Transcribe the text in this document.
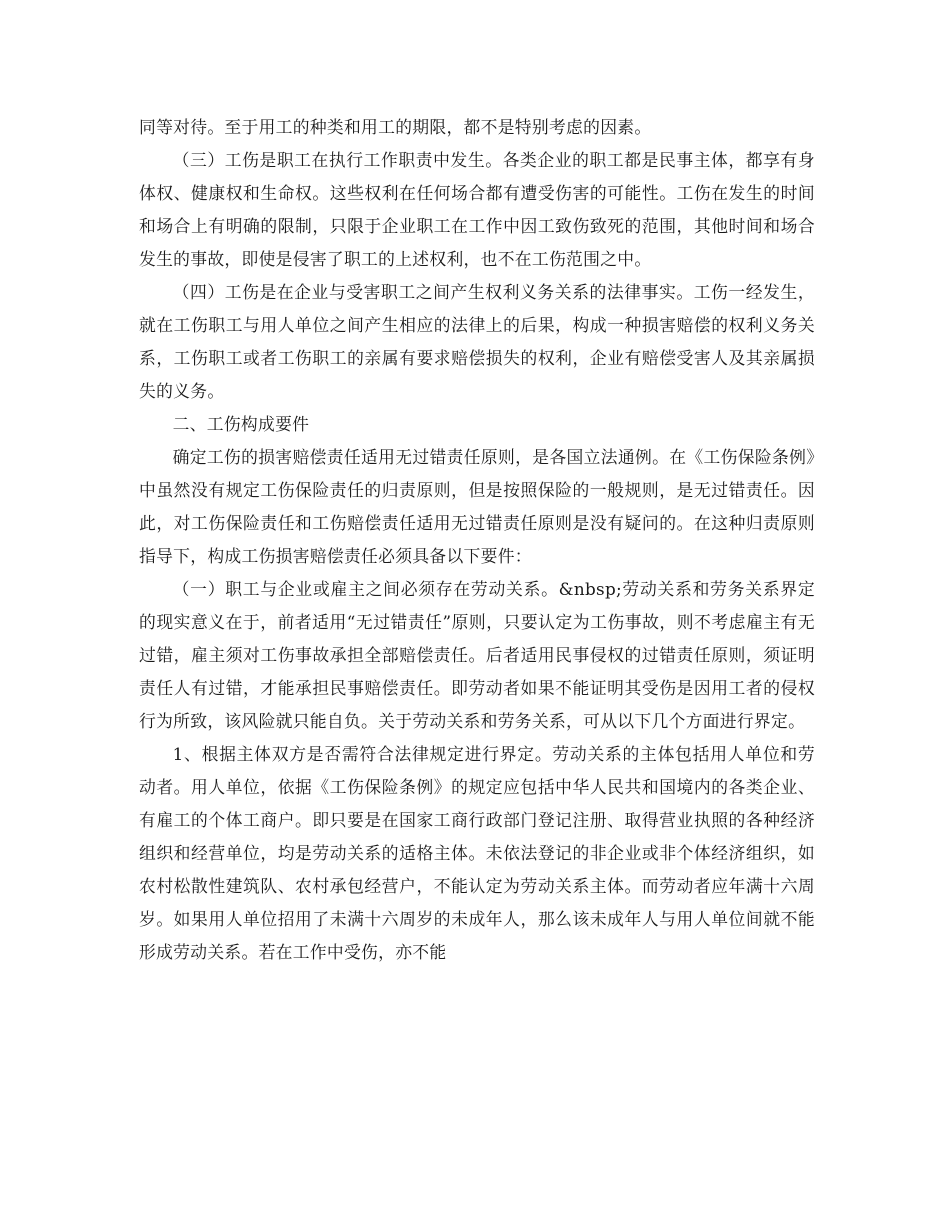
同等对待。至于用工的种类和用工的期限，都不是特别考虑的因素。

（三）工伤是职工在执行工作职责中发生。各类企业的职工都是民事主体，都享有身体权、健康权和生命权。这些权利在任何场合都有遭受伤害的可能性。工伤在发生的时间和场合上有明确的限制，只限于企业职工在工作中因工致伤致死的范围，其他时间和场合发生的事故，即使是侵害了职工的上述权利，也不在工伤范围之中。

（四）工伤是在企业与受害职工之间产生权利义务关系的法律事实。工伤一经发生，就在工伤职工与用人单位之间产生相应的法律上的后果，构成一种损害赔偿的权利义务关系，工伤职工或者工伤职工的亲属有要求赔偿损失的权利，企业有赔偿受害人及其亲属损失的义务。

二、工伤构成要件

确定工伤的损害赔偿责任适用无过错责任原则，是各国立法通例。在《工伤保险条例》中虽然没有规定工伤保险责任的归责原则，但是按照保险的一般规则，是无过错责任。因此，对工伤保险责任和工伤赔偿责任适用无过错责任原则是没有疑问的。在这种归责原则指导下，构成工伤损害赔偿责任必须具备以下要件：

（一）职工与企业或雇主之间必须存在劳动关系。&nbsp;劳动关系和劳务关系界定的现实意义在于，前者适用“无过错责任”原则，只要认定为工伤事故，则不考虑雇主有无过错，雇主须对工伤事故承担全部赔偿责任。后者适用民事侵权的过错责任原则，须证明责任人有过错，才能承担民事赔偿责任。即劳动者如果不能证明其受伤是因用工者的侵权行为所致，该风险就只能自负。关于劳动关系和劳务关系，可从以下几个方面进行界定。

1、根据主体双方是否需符合法律规定进行界定。劳动关系的主体包括用人单位和劳动者。用人单位，依据《工伤保险条例》的规定应包括中华人民共和国境内的各类企业、有雇工的个体工商户。即只要是在国家工商行政部门登记注册、取得营业执照的各种经济组织和经营单位，均是劳动关系的适格主体。未依法登记的非企业或非个体经济组织，如农村松散性建筑队、农村承包经营户，不能认定为劳动关系主体。而劳动者应年满十六周岁。如果用人单位招用了未满十六周岁的未成年人，那么该未成年人与用人单位间就不能形成劳动关系。若在工作中受伤，亦不能
